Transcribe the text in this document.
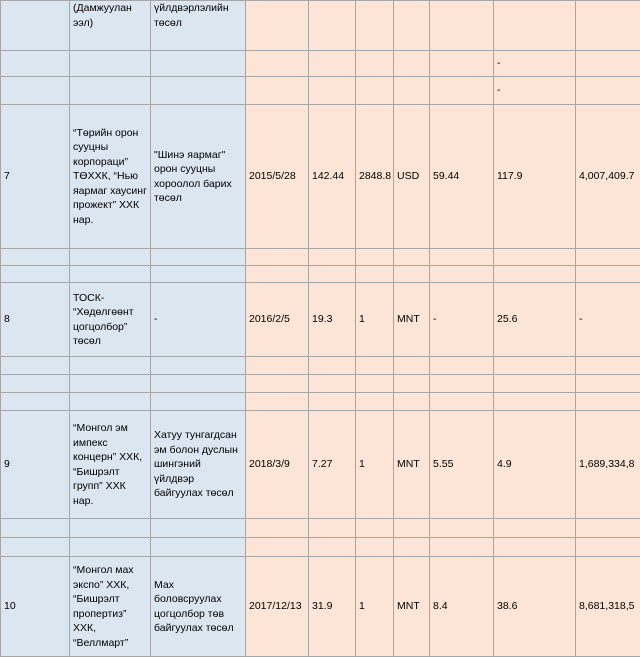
	(Дамжуулан ээл)	үйлдвэрлэлийн төсөл							
								-	
								-	
7	“Төрийн орон сууцны корпораци” ТӨХХК, “Нью яармаг хаусинг прожект” ХХК нар.	"Шинэ яармаг" орон сууцны хороолол барих төсөл	2015/5/28	142.44	2848.8	USD	59.44	117.9	4,007,409.7

8	ТОСК- “Хөдөлгөөнт цогцолбор” төсөл	-	2016/2/5	19.3	1	MNT	-	25.6	-

9	“Монгол эм импекс концерн” ХХК, “Бишрэлт групп” ХХК нар.	Хатуу тунгагдсан эм болон дуслын шингэний үйлдвэр байгуулах төсөл	2018/3/9	7.27	1	MNT	5.55	4.9	1,689,334,8

10	“Монгол мах экспо” ХХК, “Бишрэлт пропертиз” ХХК, “Веллмарт”	Мах боловсруулах цогцолбор төв байгуулах төсөл	2017/12/13	31.9	1	MNT	8.4	38.6	8,681,318,5
